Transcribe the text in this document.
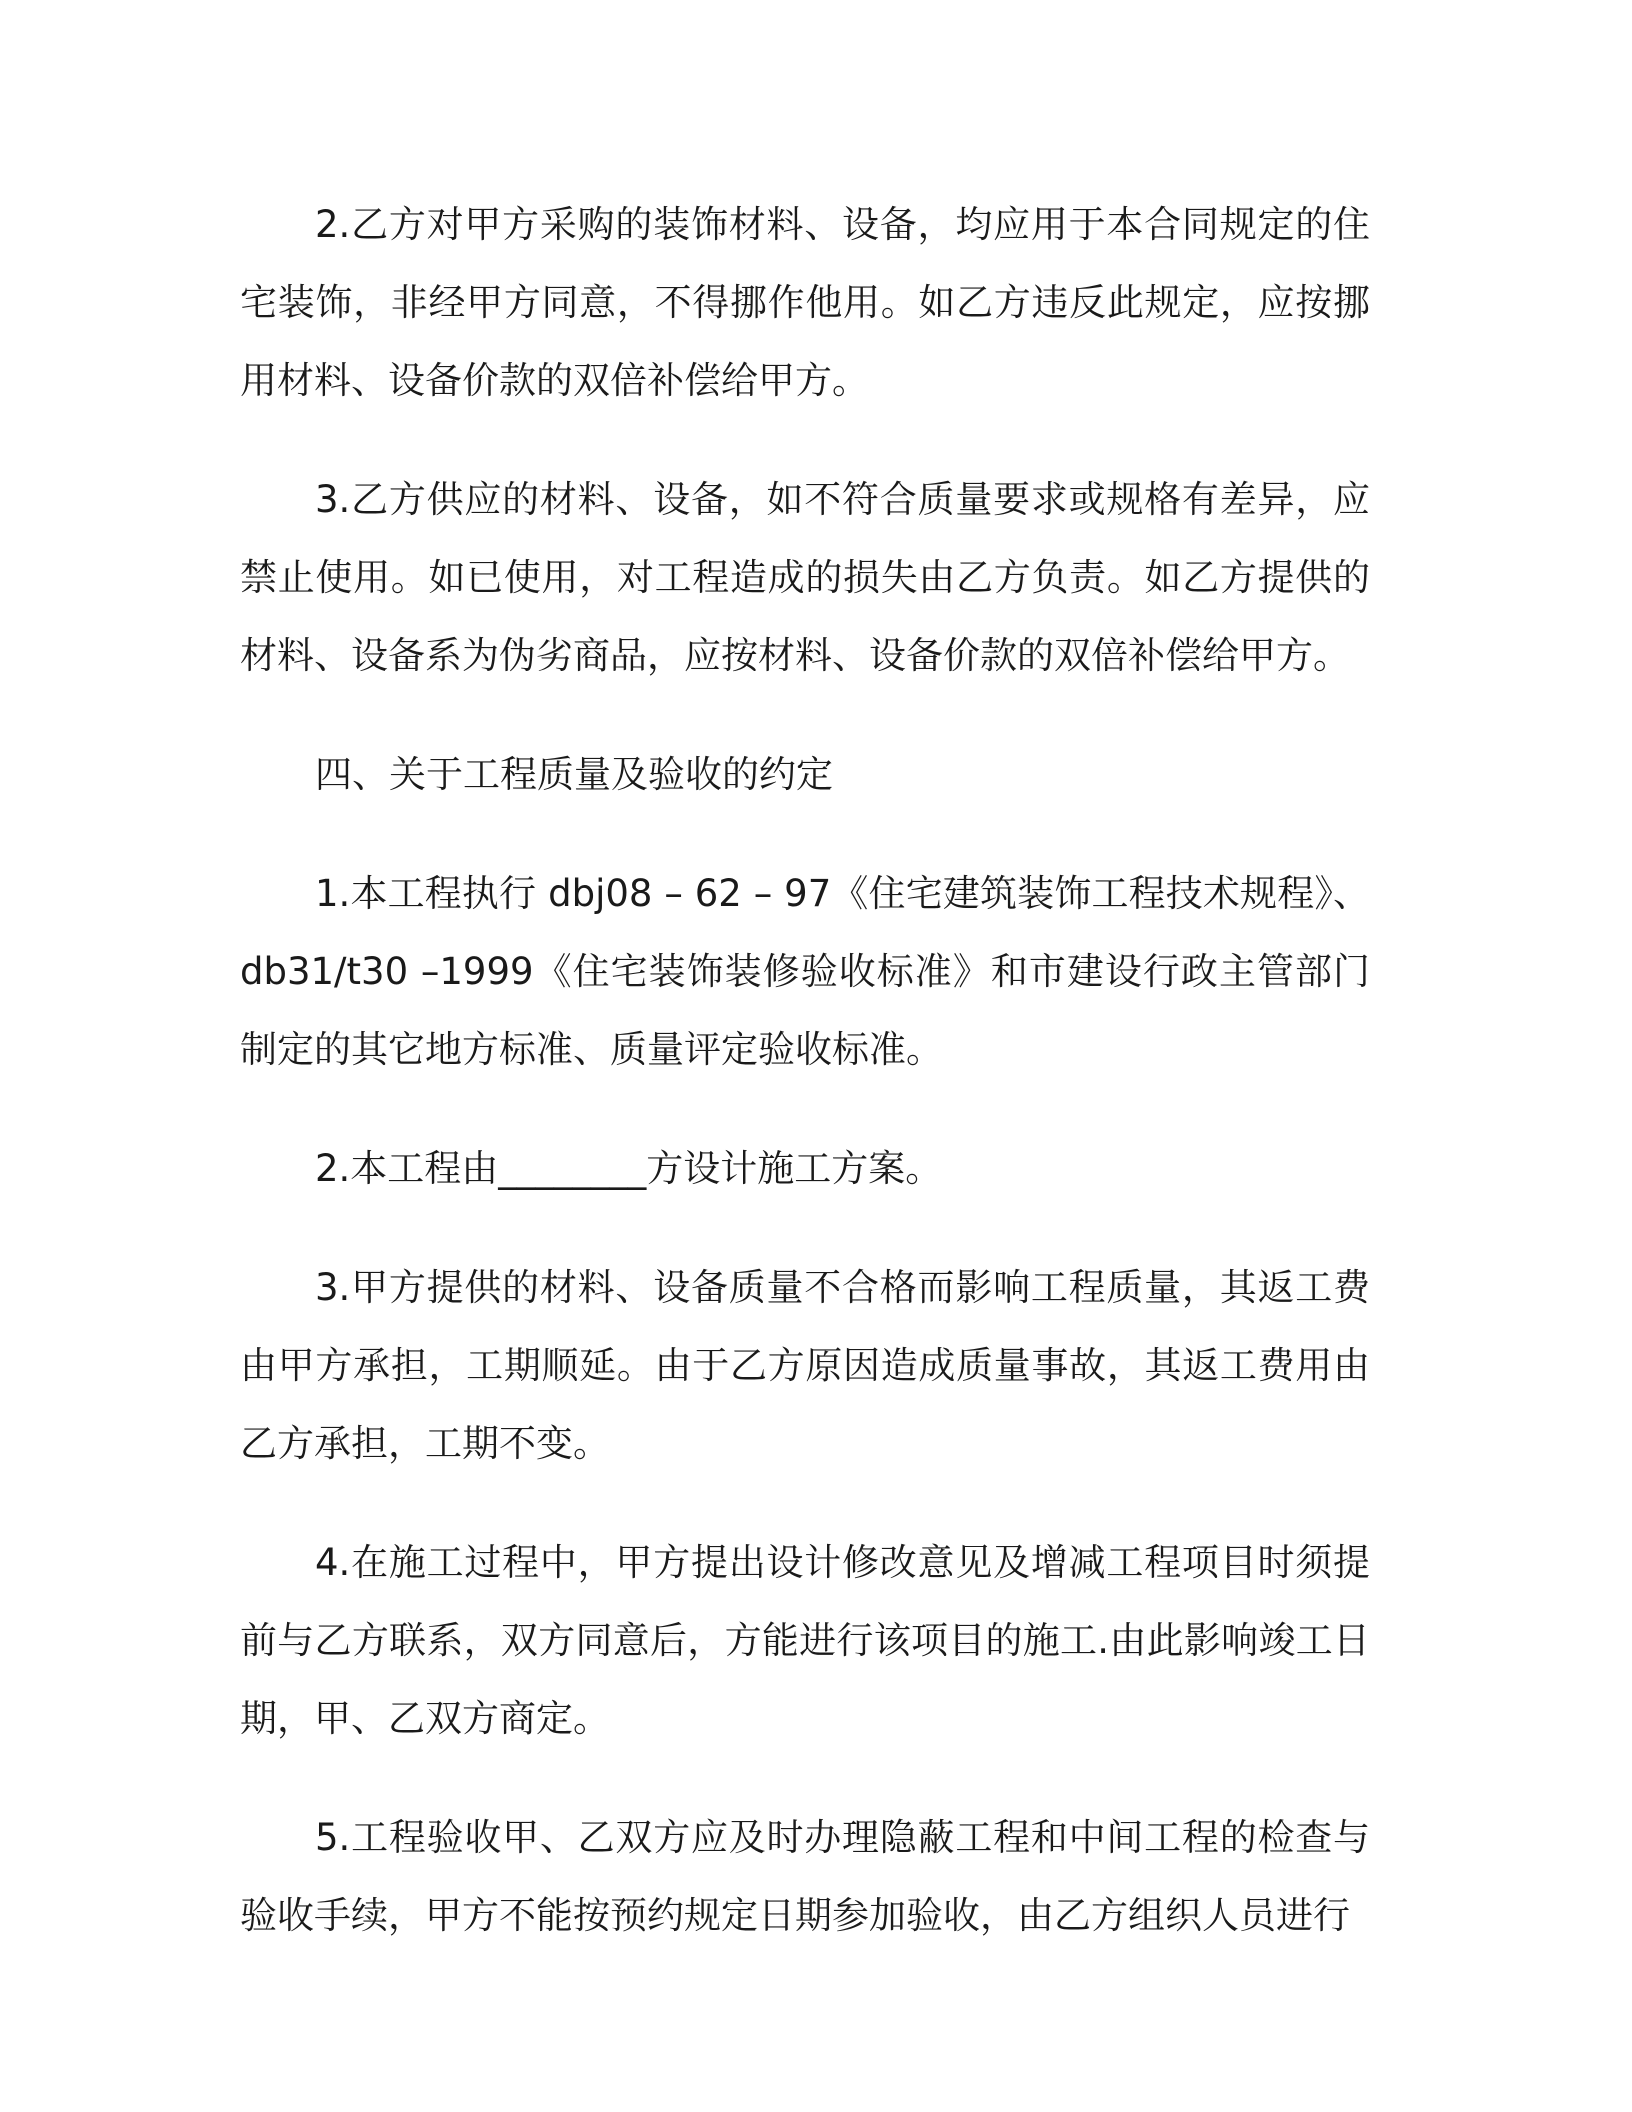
2.乙方对甲方采购的装饰材料、设备，均应用于本合同规定的住宅装饰，非经甲方同意，不得挪作他用。如乙方违反此规定，应按挪用材料、设备价款的双倍补偿给甲方。

3.乙方供应的材料、设备，如不符合质量要求或规格有差异，应禁止使用。如已使用，对工程造成的损失由乙方负责。如乙方提供的材料、设备系为伪劣商品，应按材料、设备价款的双倍补偿给甲方。

四、关于工程质量及验收的约定

1.本工程执行 dbj08 – 62 – 97《住宅建筑装饰工程技术规程》、db31/t30 –1999《住宅装饰装修验收标准》和市建设行政主管部门制定的其它地方标准、质量评定验收标准。

2.本工程由________方设计施工方案。

3.甲方提供的材料、设备质量不合格而影响工程质量，其返工费由甲方承担，工期顺延。由于乙方原因造成质量事故，其返工费用由乙方承担，工期不变。

4.在施工过程中，甲方提出设计修改意见及增减工程项目时须提前与乙方联系，双方同意后，方能进行该项目的施工.由此影响竣工日期，甲、乙双方商定。

5.工程验收甲、乙双方应及时办理隐蔽工程和中间工程的检查与验收手续，甲方不能按预约规定日期参加验收，由乙方组织人员进行
